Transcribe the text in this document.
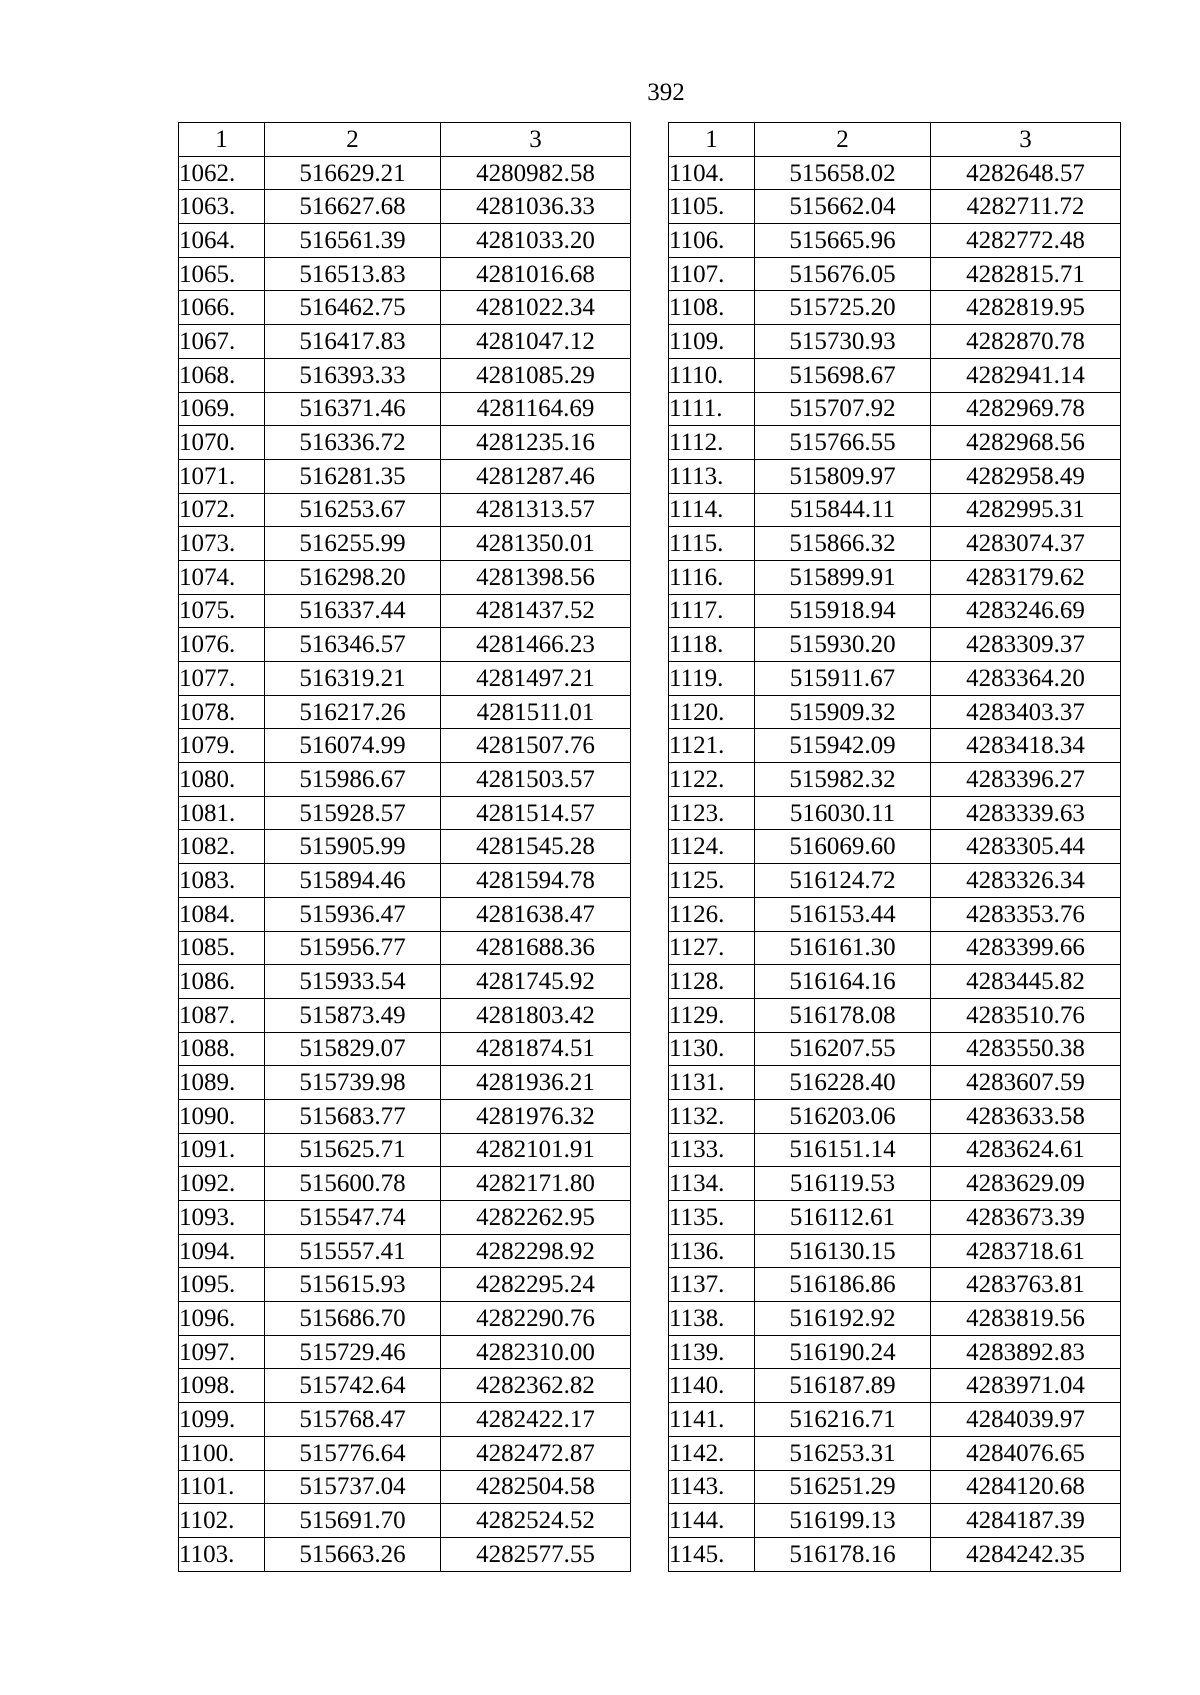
392
1	2	3
1062.	516629.21	4280982.58
1063.	516627.68	4281036.33
1064.	516561.39	4281033.20
1065.	516513.83	4281016.68
1066.	516462.75	4281022.34
1067.	516417.83	4281047.12
1068.	516393.33	4281085.29
1069.	516371.46	4281164.69
1070.	516336.72	4281235.16
1071.	516281.35	4281287.46
1072.	516253.67	4281313.57
1073.	516255.99	4281350.01
1074.	516298.20	4281398.56
1075.	516337.44	4281437.52
1076.	516346.57	4281466.23
1077.	516319.21	4281497.21
1078.	516217.26	4281511.01
1079.	516074.99	4281507.76
1080.	515986.67	4281503.57
1081.	515928.57	4281514.57
1082.	515905.99	4281545.28
1083.	515894.46	4281594.78
1084.	515936.47	4281638.47
1085.	515956.77	4281688.36
1086.	515933.54	4281745.92
1087.	515873.49	4281803.42
1088.	515829.07	4281874.51
1089.	515739.98	4281936.21
1090.	515683.77	4281976.32
1091.	515625.71	4282101.91
1092.	515600.78	4282171.80
1093.	515547.74	4282262.95
1094.	515557.41	4282298.92
1095.	515615.93	4282295.24
1096.	515686.70	4282290.76
1097.	515729.46	4282310.00
1098.	515742.64	4282362.82
1099.	515768.47	4282422.17
1100.	515776.64	4282472.87
1101.	515737.04	4282504.58
1102.	515691.70	4282524.52
1103.	515663.26	4282577.55
1	2	3
1104.	515658.02	4282648.57
1105.	515662.04	4282711.72
1106.	515665.96	4282772.48
1107.	515676.05	4282815.71
1108.	515725.20	4282819.95
1109.	515730.93	4282870.78
1110.	515698.67	4282941.14
1111.	515707.92	4282969.78
1112.	515766.55	4282968.56
1113.	515809.97	4282958.49
1114.	515844.11	4282995.31
1115.	515866.32	4283074.37
1116.	515899.91	4283179.62
1117.	515918.94	4283246.69
1118.	515930.20	4283309.37
1119.	515911.67	4283364.20
1120.	515909.32	4283403.37
1121.	515942.09	4283418.34
1122.	515982.32	4283396.27
1123.	516030.11	4283339.63
1124.	516069.60	4283305.44
1125.	516124.72	4283326.34
1126.	516153.44	4283353.76
1127.	516161.30	4283399.66
1128.	516164.16	4283445.82
1129.	516178.08	4283510.76
1130.	516207.55	4283550.38
1131.	516228.40	4283607.59
1132.	516203.06	4283633.58
1133.	516151.14	4283624.61
1134.	516119.53	4283629.09
1135.	516112.61	4283673.39
1136.	516130.15	4283718.61
1137.	516186.86	4283763.81
1138.	516192.92	4283819.56
1139.	516190.24	4283892.83
1140.	516187.89	4283971.04
1141.	516216.71	4284039.97
1142.	516253.31	4284076.65
1143.	516251.29	4284120.68
1144.	516199.13	4284187.39
1145.	516178.16	4284242.35
